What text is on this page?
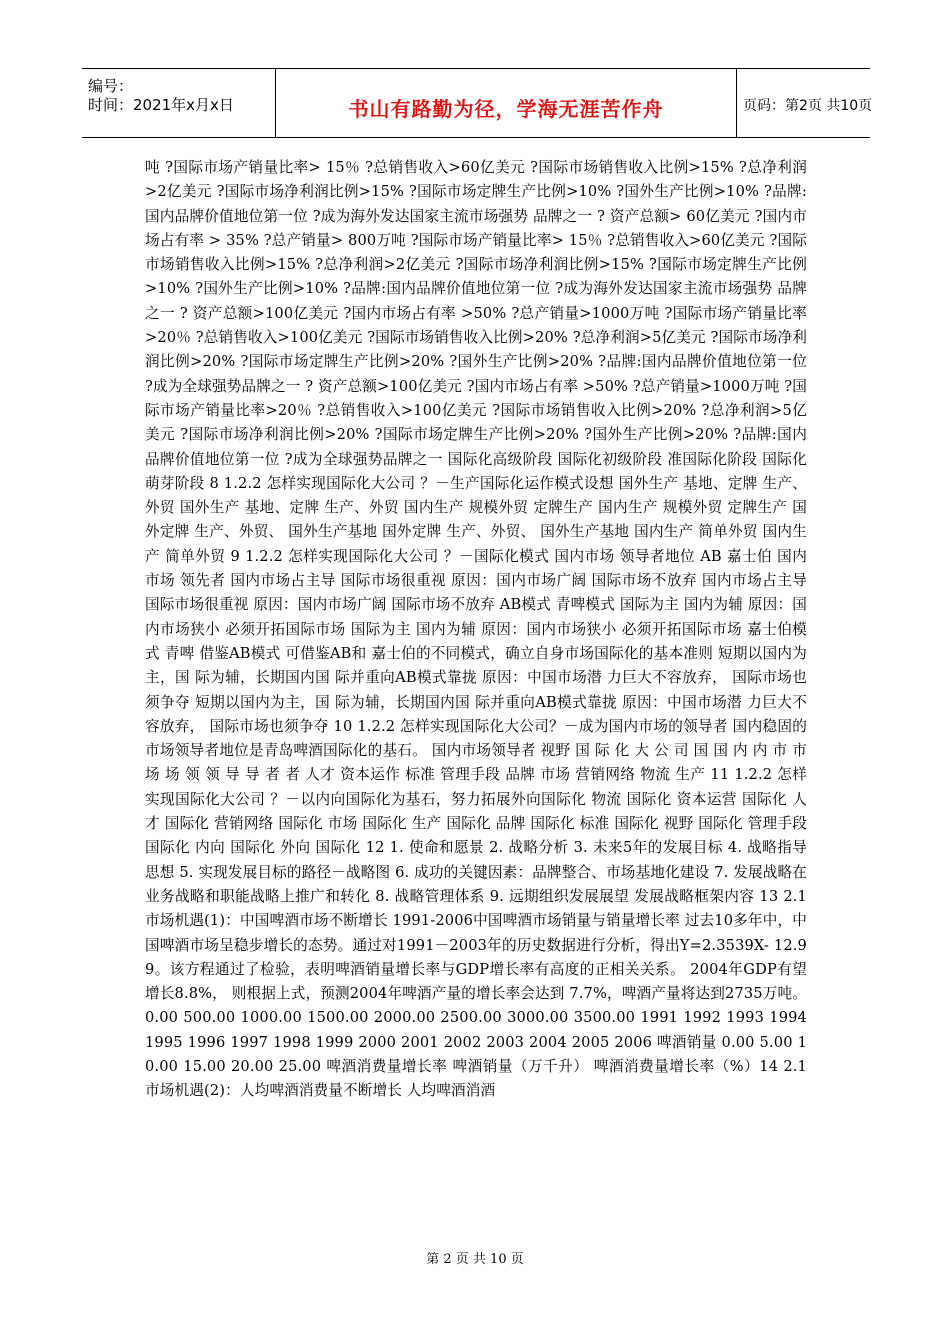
编号：
时间：2021年x月x日	书山有路勤为径，学海无涯苦作舟	页码：第2页 共10页
吨 ?国际市场产销量比率> 15％ ?总销售收入>60亿美元 ?国际市场销售收入比例>15% ?总净利润>2亿美元 ?国际市场净利润比例>15% ?国际市场定牌生产比例>10% ?国外生产比例>10% ?品牌:国内品牌价值地位第一位 ?成为海外发达国家主流市场强势 品牌之一 ? 资产总额> 60亿美元 ?国内市场占有率 > 35% ?总产销量> 800万吨 ?国际市场产销量比率> 15％ ?总销售收入>60亿美元 ?国际市场销售收入比例>15% ?总净利润>2亿美元 ?国际市场净利润比例>15% ?国际市场定牌生产比例>10% ?国外生产比例>10% ?品牌:国内品牌价值地位第一位 ?成为海外发达国家主流市场强势 品牌之一 ? 资产总额>100亿美元 ?国内市场占有率 >50% ?总产销量>1000万吨 ?国际市场产销量比率>20％ ?总销售收入>100亿美元 ?国际市场销售收入比例>20% ?总净利润>5亿美元 ?国际市场净利润比例>20% ?国际市场定牌生产比例>20% ?国外生产比例>20% ?品牌:国内品牌价值地位第一位 ?成为全球强势品牌之一 ? 资产总额>100亿美元 ?国内市场占有率 >50% ?总产销量>1000万吨 ?国际市场产销量比率>20％ ?总销售收入>100亿美元 ?国际市场销售收入比例>20% ?总净利润>5亿美元 ?国际市场净利润比例>20% ?国际市场定牌生产比例>20% ?国外生产比例>20% ?品牌:国内品牌价值地位第一位 ?成为全球强势品牌之一 国际化高级阶段 国际化初级阶段 准国际化阶段 国际化萌芽阶段 8 1.2.2 怎样实现国际化大公司 ？－生产国际化运作模式设想 国外生产 基地、定牌 生产、外贸 国外生产 基地、定牌 生产、外贸 国内生产 规模外贸 定牌生产 国内生产 规模外贸 定牌生产 国外定牌 生产、外贸、 国外生产基地 国外定牌 生产、外贸、 国外生产基地 国内生产 简单外贸 国内生产 简单外贸 9 1.2.2 怎样实现国际化大公司 ？－国际化模式 国内市场 领导者地位 AB 嘉士伯 国内市场 领先者 国内市场占主导 国际市场很重视 原因：国内市场广阔 国际市场不放弃 国内市场占主导 国际市场很重视 原因：国内市场广阔 国际市场不放弃 AB模式 青啤模式 国际为主 国内为辅 原因：国内市场狭小 必须开拓国际市场 国际为主 国内为辅 原因：国内市场狭小 必须开拓国际市场 嘉士伯模式 青啤 借鉴AB模式 可借鉴AB和 嘉士伯的不同模式，确立自身市场国际化的基本准则 短期以国内为主，国 际为辅，长期国内国 际并重向AB模式靠拢 原因：中国市场潜 力巨大不容放弃， 国际市场也须争夺 短期以国内为主，国 际为辅，长期国内国 际并重向AB模式靠拢 原因：中国市场潜 力巨大不容放弃， 国际市场也须争夺 10 1.2.2 怎样实现国际化大公司？－成为国内市场的领导者 国内稳固的市场领导者地位是青岛啤酒国际化的基石。 国内市场领导者 视野 国 际 化 大 公 司 国 国 内 内 市 市 场 场 领 领 导 导 者 者 人才 资本运作 标准 管理手段 品牌 市场 营销网络 物流 生产 11 1.2.2 怎样实现国际化大公司 ？－以内向国际化为基石，努力拓展外向国际化 物流 国际化 资本运营 国际化 人才 国际化 营销网络 国际化 市场 国际化 生产 国际化 品牌 国际化 标准 国际化 视野 国际化 管理手段 国际化 内向 国际化 外向 国际化 12 1. 使命和愿景 2. 战略分析 3. 未来5年的发展目标 4. 战略指导思想 5. 实现发展目标的路径－战略图 6. 成功的关键因素：品牌整合、市场基地化建设 7. 发展战略在业务战略和职能战略上推广和转化 8. 战略管理体系 9. 远期组织发展展望 发展战略框架内容 13 2.1 市场机遇(1)：中国啤酒市场不断增长 1991-2006中国啤酒市场销量与销量增长率 过去10多年中，中国啤酒市场呈稳步增长的态势。通过对1991－2003年的历史数据进行分析，得出Y=2.3539X- 12.99。该方程通过了检验，表明啤酒销量增长率与GDP增长率有高度的正相关关系。 2004年GDP有望增长8.8%， 则根据上式，预测2004年啤酒产量的增长率会达到 7.7%，啤酒产量将达到2735万吨。 0.00 500.00 1000.00 1500.00 2000.00 2500.00 3000.00 3500.00 1991 1992 1993 1994 1995 1996 1997 1998 1999 2000 2001 2002 2003 2004 2005 2006 啤酒销量 0.00 5.00 10.00 15.00 20.00 25.00 啤酒消费量增长率 啤酒销量（万千升） 啤酒消费量增长率（%）14 2.1 市场机遇(2)：人均啤酒消费量不断增长 人均啤酒消酒
第 2 页 共 10 页
